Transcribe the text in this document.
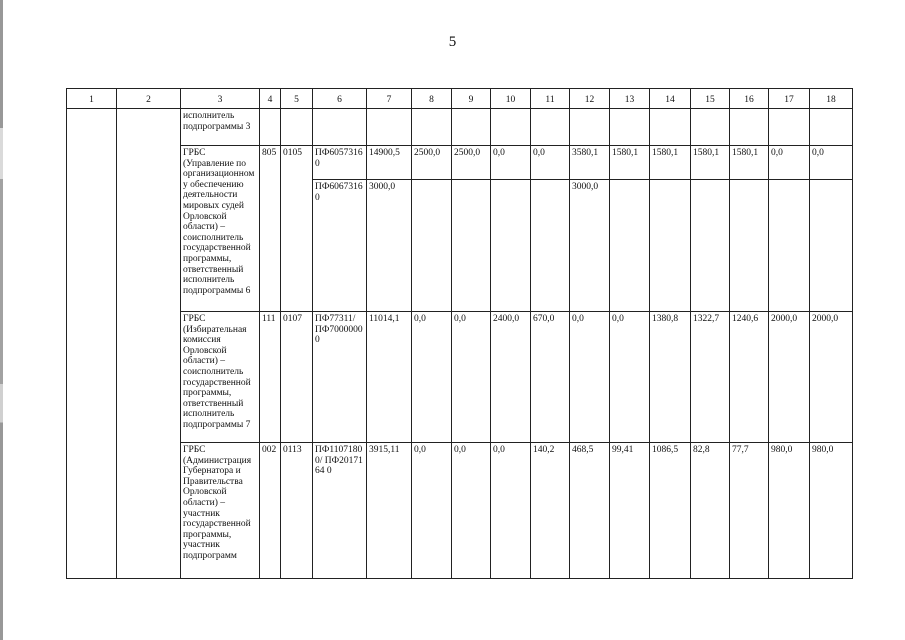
5
1	2	3	4	5	6	7	8	9	10	11	12	13	14	15	16	17	18
		исполнитель подпрограммы 3															
		ГРБС (Управление по организационном у обеспечению деятельности мировых судей Орловской области) – соисполнитель государственной программы, ответственный исполнитель подпрограммы 6	805	0105	ПФ6057316 0	14900,5	2500,0	2500,0	0,0	0,0	3580,1	1580,1	1580,1	1580,1	1580,1	0,0	0,0
					ПФ6067316 0	3000,0					3000,0						
		ГРБС (Избирательная комиссия Орловской области) – соисполнитель государственной программы, ответственный исполнитель подпрограммы 7	111	0107	ПФ77311/ ПФ7000000 0	11014,1	0,0	0,0	2400,0	670,0	0,0	0,0	1380,8	1322,7	1240,6	2000,0	2000,0
		ГРБС (Администрация Губернатора и Правительства Орловской области) – участник государственной программы, участник подпрограмм	002	0113	ПФ1107180 0/ ПФ2017164 0	3915,11	0,0	0,0	0,0	140,2	468,5	99,41	1086,5	82,8	77,7	980,0	980,0
